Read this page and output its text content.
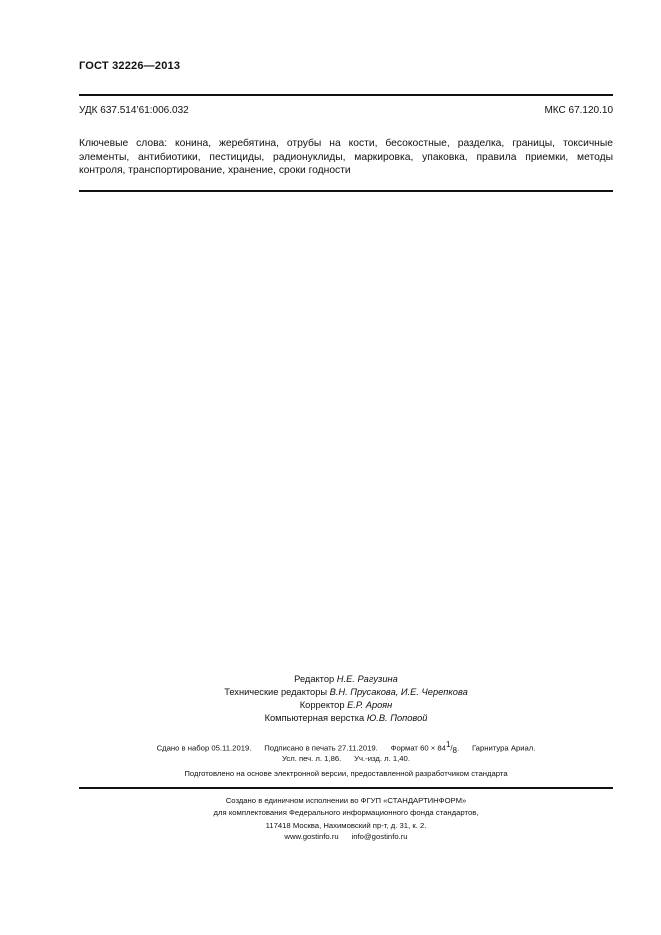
ГОСТ 32226—2013
УДК 637.514’61:006.032	МКС 67.120.10
Ключевые слова: конина, жеребятина, отрубы на кости, бесокостные, разделка, границы, токсичные элементы, антибиотики, пестициды, радионуклиды, маркировка, упаковка, правила приемки, методы контроля, транспортирование, хранение, сроки годности
Редактор Н.Е. Рагузина
Технические редакторы В.Н. Прусакова, И.Е. Черепкова
Корректор Е.Р. Ароян
Компьютерная верстка Ю.В. Поповой
Сдано в набор 05.11.2019. Подписано в печать 27.11.2019. Формат $60 \times 84^1/_8$.      Гарнитура Ариал.
Усл. печ. л. 1,86. Уч.-изд. л. 1,40.
Подготовлено на основе электронной версии, предоставленной разработчиком стандарта
Создано в единичном исполнении во ФГУП «СТАНДАРТИНФОРМ»
для комплектования Федерального информационного фонда стандартов,
117418 Москва, Нахимовский пр-т, д. 31, к. 2.
www.gostinfo.ru info@gostinfo.ru
